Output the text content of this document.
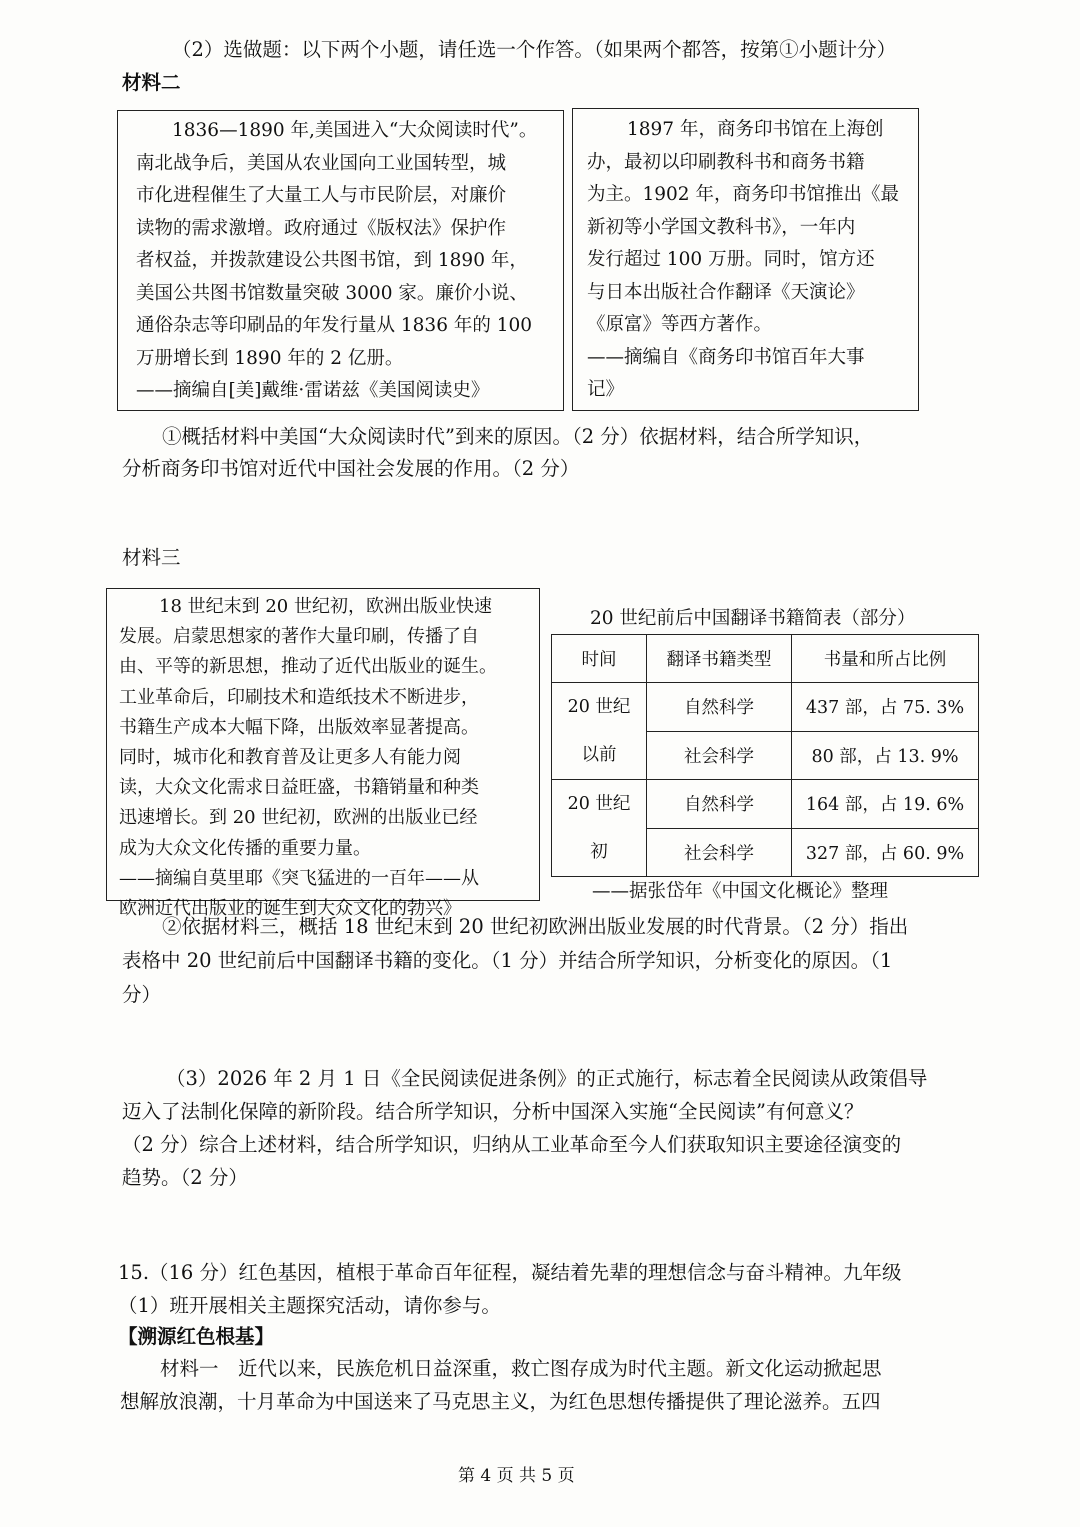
（2）选做题：以下两个小题，请任选一个作答。（如果两个都答，按第①小题计分）
材料二

1836—1890 年,美国进入“大众阅读时代”。

南北战争后，美国从农业国向工业国转型，城

市化进程催生了大量工人与市民阶层，对廉价

读物的需求激增。政府通过《版权法》保护作

者权益，并拨款建设公共图书馆，到 1890 年，

美国公共图书馆数量突破 3000 家。廉价小说、

通俗杂志等印刷品的年发行量从 1836 年的 100

万册增长到 1890 年的 2 亿册。

——摘编自[美]戴维·雷诺兹《美国阅读史》

1897 年，商务印书馆在上海创

办，最初以印刷教科书和商务书籍

为主。1902 年，商务印书馆推出《最

新初等小学国文教科书》，一年内

发行超过 100 万册。同时，馆方还

与日本出版社合作翻译《天演论》

《原富》等西方著作。

——摘编自《商务印书馆百年大事

记》

①概括材料中美国“大众阅读时代”到来的原因。（2 分）依据材料，结合所学知识，
分析商务印书馆对近代中国社会发展的作用。（2 分）
材料三

18 世纪末到 20 世纪初，欧洲出版业快速

发展。启蒙思想家的著作大量印刷，传播了自

由、平等的新思想，推动了近代出版业的诞生。

工业革命后，印刷技术和造纸技术不断进步，

书籍生产成本大幅下降，出版效率显著提高。

同时，城市化和教育普及让更多人有能力阅

读，大众文化需求日益旺盛，书籍销量和种类

迅速增长。到 20 世纪初，欧洲的出版业已经

成为大众文化传播的重要力量。

——摘编自莫里耶《突飞猛进的一百年——从

欧洲近代出版业的诞生到大众文化的勃兴》

20 世纪前后中国翻译书籍简表（部分）
时间	翻译书籍类型	书量和所占比例

20 世纪
以前	自然科学	437 部，占 75. 3%
	社会科学	80 部，占 13. 9%

20 世纪
初	自然科学	164 部，占 19. 6%
	社会科学	327 部，占 60. 9%
——据张岱年《中国文化概论》整理
②依据材料三，概括 18 世纪末到 20 世纪初欧洲出版业发展的时代背景。（2 分）指出
表格中 20 世纪前后中国翻译书籍的变化。（1 分）并结合所学知识，分析变化的原因。（1
分）
（3）2026 年 2 月 1 日《全民阅读促进条例》的正式施行，标志着全民阅读从政策倡导
迈入了法制化保障的新阶段。结合所学知识，分析中国深入实施“全民阅读”有何意义？
（2 分）综合上述材料，结合所学知识，归纳从工业革命至今人们获取知识主要途径演变的
趋势。（2 分）
15.（16 分）红色基因，植根于革命百年征程，凝结着先辈的理想信念与奋斗精神。九年级
（1）班开展相关主题探究活动，请你参与。
【溯源红色根基】
材料一　近代以来，民族危机日益深重，救亡图存成为时代主题。新文化运动掀起思
想解放浪潮，十月革命为中国送来了马克思主义，为红色思想传播提供了理论滋养。五四
第 4 页 共 5 页
